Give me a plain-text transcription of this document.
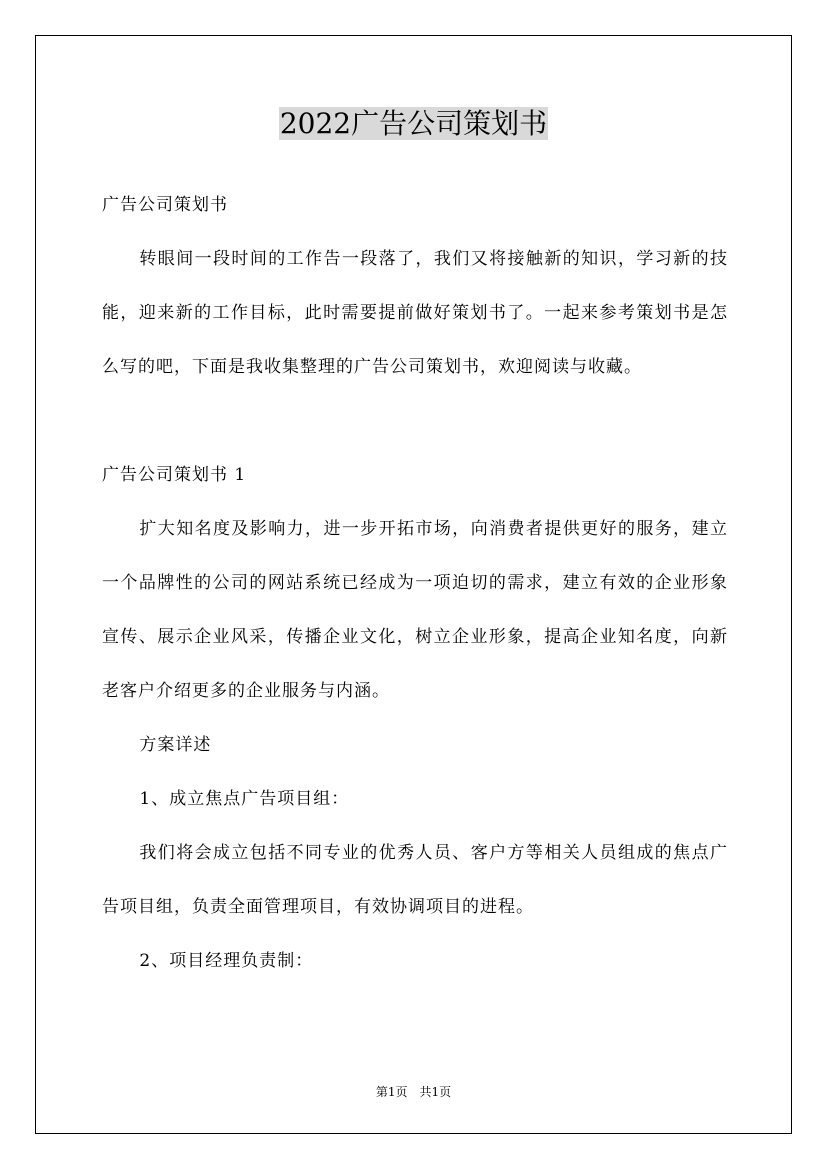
2022广告公司策划书

广告公司策划书

转眼间一段时间的工作告一段落了，我们又将接触新的知识，学习新的技能，迎来新的工作目标，此时需要提前做好策划书了。一起来参考策划书是怎么写的吧，下面是我收集整理的广告公司策划书，欢迎阅读与收藏。

广告公司策划书 1

扩大知名度及影响力，进一步开拓市场，向消费者提供更好的服务，建立一个品牌性的公司的网站系统已经成为一项迫切的需求，建立有效的企业形象宣传、展示企业风采，传播企业文化，树立企业形象，提高企业知名度，向新老客户介绍更多的企业服务与内涵。

方案详述

1、成立焦点广告项目组：

我们将会成立包括不同专业的优秀人员、客户方等相关人员组成的焦点广告项目组，负责全面管理项目，有效协调项目的进程。

2、项目经理负责制：

第1页　共1页
